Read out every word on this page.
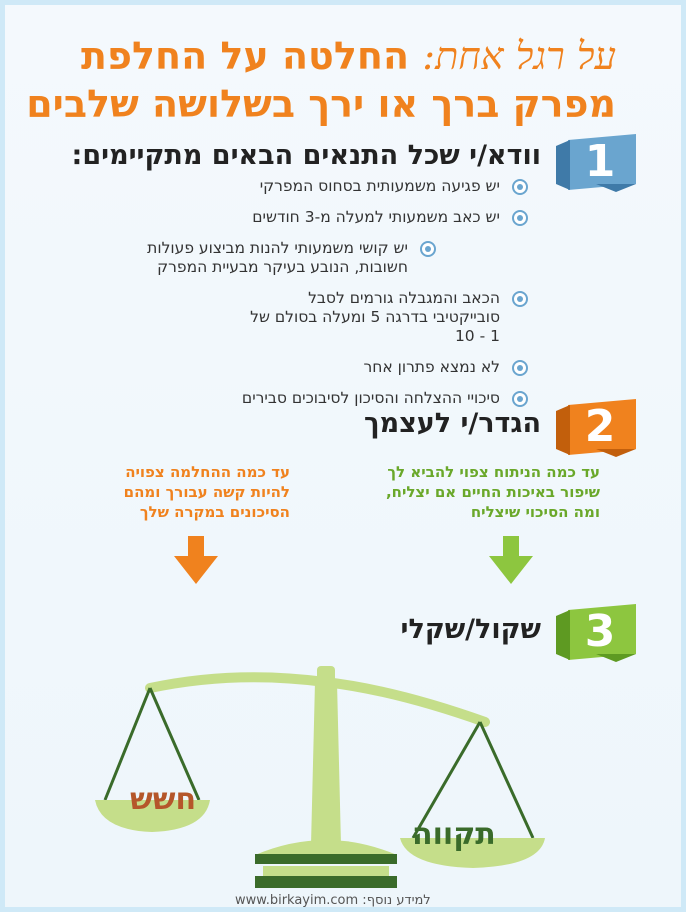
על רגל אחת: החלטה על החלפת
מפרק ברך או ירך בשלושה שלבים
1
וודא/י שכל התנאים הבאים מתקיימים:
יש פגיעה משמעותית בסחוס המפרקי
יש כאב משמעותי למעלה מ-3 חודשים
יש קושי משמעותי להנות מביצוע פעולות חשובות, הנובע בעיקר מבעיית המפרק
הכאב והמגבלה גורמים לסבל סובייקטיבי בדרגה 5 ומעלה בסולם של 1 - 10
לא נמצא פתרון אחר
סיכויי ההצלחה והסיכון לסיבוכים סבירים
2
הגדר/י לעצמך
עד כמה ההחלמה צפויה להיות קשה עבורך ומהם הסיכונים במקרה שלך
עד כמה הניתוח צפוי להביא לך שיפור באיכות החיים אם יצליח, ומה הסיכוי שיצליח
3
שקול/שקלי
חשש
תקווה
www.birkayim.com :למידע נוסף
